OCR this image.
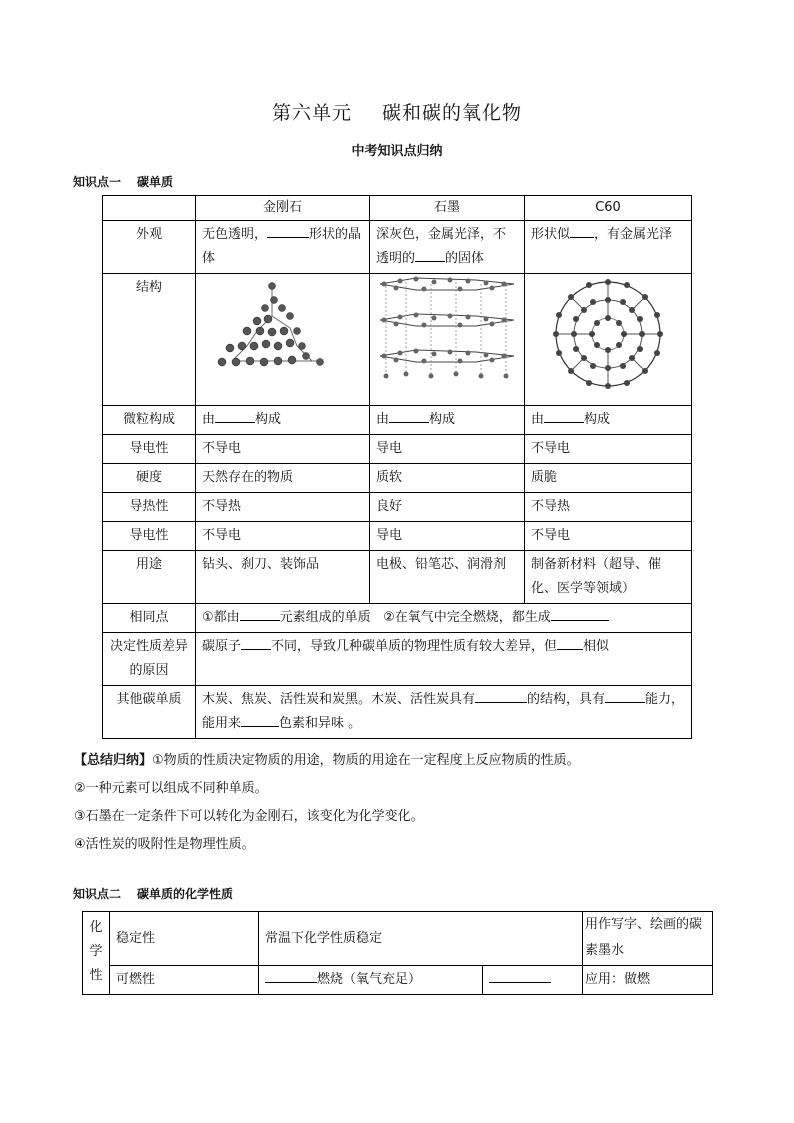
第六单元 碳和碳的氧化物
中考知识点归纳
知识点一 碳单质
	金刚石	石墨	C60
外观	无色透明， 形状的晶体	深灰色，金属光泽，不透明的 的固体	形状似 ，有金属光泽
结构			
微粒构成	由 构成	由 构成	由 构成
导电性	不导电	导电	不导电
硬度	天然存在的物质	质软	质脆
导热性	不导热	良好	不导热
导电性	不导电	导电	不导电
用途	钻头、刹刀、装饰品	电极、铅笔芯、润滑剂	制备新材料（超导、催化、医学等领域）
相同点	①都由 元素组成的单质 ②在氧气中完全燃烧，都生成		
决定性质差异的原因	碳原子 不同，导致几种碳单质的物理性质有较大差异，但 相似		
其他碳单质	木炭、焦炭、活性炭和炭黑。木炭、活性炭具有 的结构，具有 能力，能用来 色素和异味 。		

【总结归纳】①物质的性质决定物质的用途，物质的用途在一定程度上反应物质的性质。

②一种元素可以组成不同种单质。

③石墨在一定条件下可以转化为金刚石，该变化为化学变化。

④活性炭的吸附性是物理性质。

知识点二 碳单质的化学性质
化
学
性	稳定性	常温下化学性质稳定		用作写字、绘画的碳素墨水
	可燃性	燃烧（氧气充足）		应用：做燃
